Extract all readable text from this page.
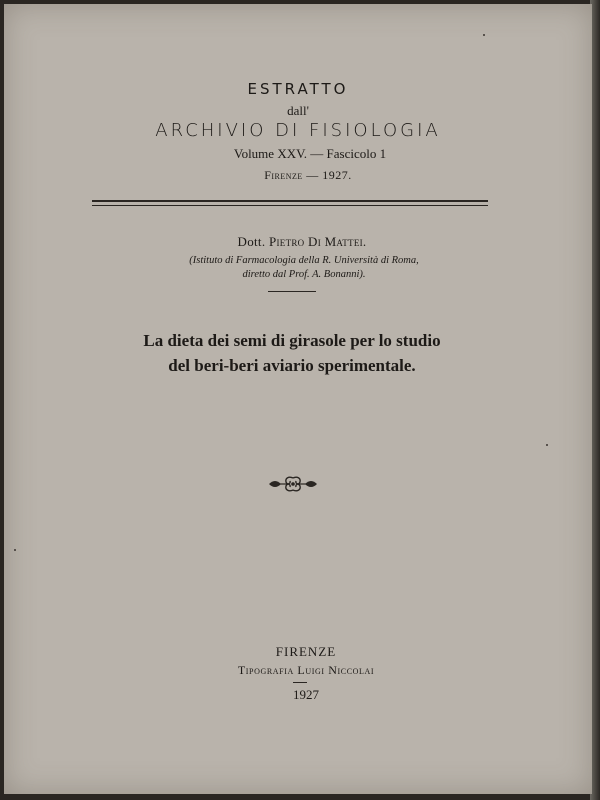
ESTRATTO
dall'
ARCHIVIO DI FISIOLOGIA
Volume XXV. — Fascicolo 1
Firenze — 1927.
Dott. Pietro Di Mattei.
(Istituto di Farmacologia della R. Università di Roma,
diretto dal Prof. A. Bonanni).
La dieta dei semi di girasole per lo studio
del beri-beri aviario sperimentale.
FIRENZE
Tipografia Luigi Niccolai
1927
